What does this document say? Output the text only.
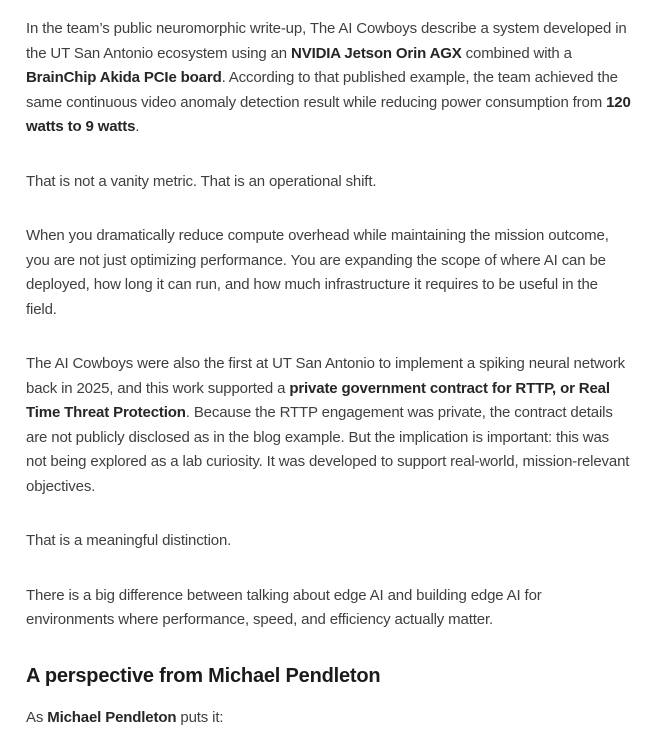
In the team’s public neuromorphic write-up, The AI Cowboys describe a system developed in the UT San Antonio ecosystem using an NVIDIA Jetson Orin AGX combined with a BrainChip Akida PCIe board. According to that published example, the team achieved the same continuous video anomaly detection result while reducing power consumption from 120 watts to 9 watts.

That is not a vanity metric. That is an operational shift.

When you dramatically reduce compute overhead while maintaining the mission outcome, you are not just optimizing performance. You are expanding the scope of where AI can be deployed, how long it can run, and how much infrastructure it requires to be useful in the field.

The AI Cowboys were also the first at UT San Antonio to implement a spiking neural network back in 2025, and this work supported a private government contract for RTTP, or Real Time Threat Protection. Because the RTTP engagement was private, the contract details are not publicly disclosed as in the blog example. But the implication is important: this was not being explored as a lab curiosity. It was developed to support real-world, mission-relevant objectives.

That is a meaningful distinction.

There is a big difference between talking about edge AI and building edge AI for environments where performance, speed, and efficiency actually matter.

A perspective from Michael Pendleton

As Michael Pendleton puts it:
